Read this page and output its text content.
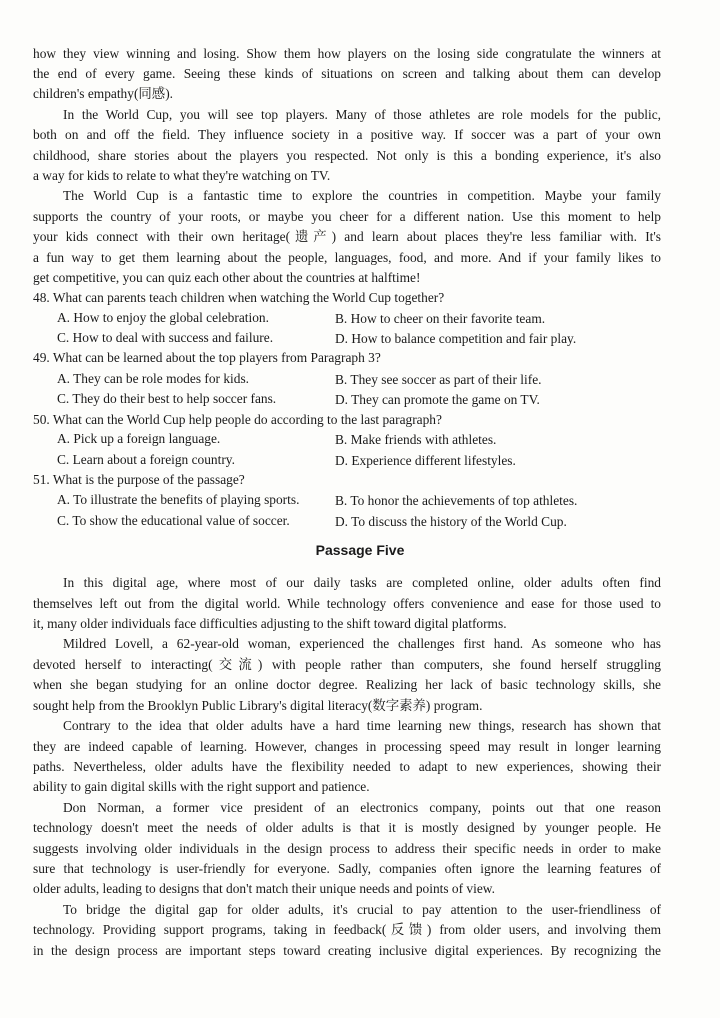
how they view winning and losing. Show them how players on the losing side congratulate the winners at
the end of every game. Seeing these kinds of situations on screen and talking about them can develop
children's empathy(同感).
In the World Cup, you will see top players. Many of those athletes are role models for the public,
both on and off the field. They influence society in a positive way. If soccer was a part of your own
childhood, share stories about the players you respected. Not only is this a bonding experience, it's also
a way for kids to relate to what they're watching on TV.
The World Cup is a fantastic time to explore the countries in competition. Maybe your family
supports the country of your roots, or maybe you cheer for a different nation. Use this moment to help
your kids connect with their own heritage(遗产) and learn about places they're less familiar with. It's
a fun way to get them learning about the people, languages, food, and more. And if your family likes to
get competitive, you can quiz each other about the countries at halftime!
48. What can parents teach children when watching the World Cup together?
A. How to enjoy the global celebration.	B. How to cheer on their favorite team.
C. How to deal with success and failure.	D. How to balance competition and fair play.
49. What can be learned about the top players from Paragraph 3?
A. They can be role modes for kids.	B. They see soccer as part of their life.
C. They do their best to help soccer fans.	D. They can promote the game on TV.
50. What can the World Cup help people do according to the last paragraph?
A. Pick up a foreign language.	B. Make friends with athletes.
C. Learn about a foreign country.	D. Experience different lifestyles.
51. What is the purpose of the passage?
A. To illustrate the benefits of playing sports.	B. To honor the achievements of top athletes.
C. To show the educational value of soccer.	D. To discuss the history of the World Cup.
Passage Five
In this digital age, where most of our daily tasks are completed online, older adults often find
themselves left out from the digital world. While technology offers convenience and ease for those used to
it, many older individuals face difficulties adjusting to the shift toward digital platforms.
Mildred Lovell, a 62-year-old woman, experienced the challenges first hand. As someone who has
devoted herself to interacting(交流) with people rather than computers, she found herself struggling
when she began studying for an online doctor degree. Realizing her lack of basic technology skills, she
sought help from the Brooklyn Public Library's digital literacy(数字素养) program.
Contrary to the idea that older adults have a hard time learning new things, research has shown that
they are indeed capable of learning. However, changes in processing speed may result in longer learning
paths. Nevertheless, older adults have the flexibility needed to adapt to new experiences, showing their
ability to gain digital skills with the right support and patience.
Don Norman, a former vice president of an electronics company, points out that one reason
technology doesn't meet the needs of older adults is that it is mostly designed by younger people. He
suggests involving older individuals in the design process to address their specific needs in order to make
sure that technology is user-friendly for everyone. Sadly, companies often ignore the learning features of
older adults, leading to designs that don't match their unique needs and points of view.
To bridge the digital gap for older adults, it's crucial to pay attention to the user-friendliness of
technology. Providing support programs, taking in feedback(反馈) from older users, and involving them
in the design process are important steps toward creating inclusive digital experiences. By recognizing the
